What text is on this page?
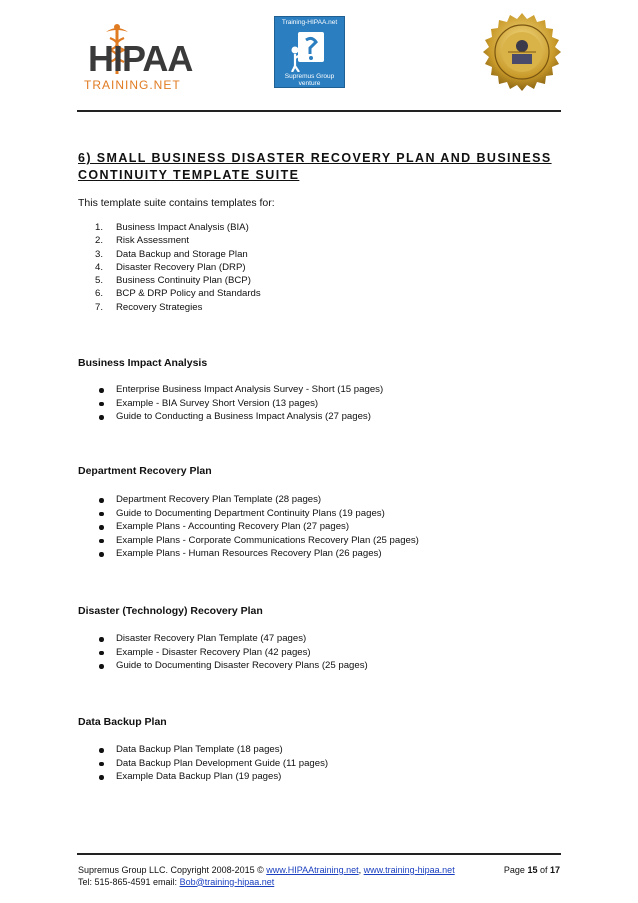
HIPAA
TRAINING.NET
Training-HIPAA.net
Supremus Group
venture
6) SMALL BUSINESS DISASTER RECOVERY PLAN AND BUSINESS
CONTINUITY TEMPLATE SUITE
This template suite contains templates for:
1.	Business Impact Analysis (BIA)
2.	Risk Assessment
3.	Data Backup and Storage Plan
4.	Disaster Recovery Plan (DRP)
5.	Business Continuity Plan (BCP)
6.	BCP & DRP Policy and Standards
7.	Recovery Strategies
Business Impact Analysis
Enterprise Business Impact Analysis Survey - Short (15 pages)
Example - BIA Survey Short Version (13 pages)
Guide to Conducting a Business Impact Analysis (27 pages)
Department Recovery Plan
Department Recovery Plan Template (28 pages)
Guide to Documenting Department Continuity Plans (19 pages)
Example Plans - Accounting Recovery Plan (27 pages)
Example Plans - Corporate Communications Recovery Plan (25 pages)
Example Plans - Human Resources Recovery Plan (26 pages)
Disaster (Technology) Recovery Plan
Disaster Recovery Plan Template (47 pages)
Example - Disaster Recovery Plan (42 pages)
Guide to Documenting Disaster Recovery Plans (25 pages)
Data Backup Plan
Data Backup Plan Template (18 pages)
Data Backup Plan Development Guide (11 pages)
Example Data Backup Plan (19 pages)
Supremus Group LLC. Copyright 2008-2015 © www.HIPAAtraining.net, www.training-hipaa.net	Page 15 of 17
Tel: 515-865-4591 email: Bob@training-hipaa.net
